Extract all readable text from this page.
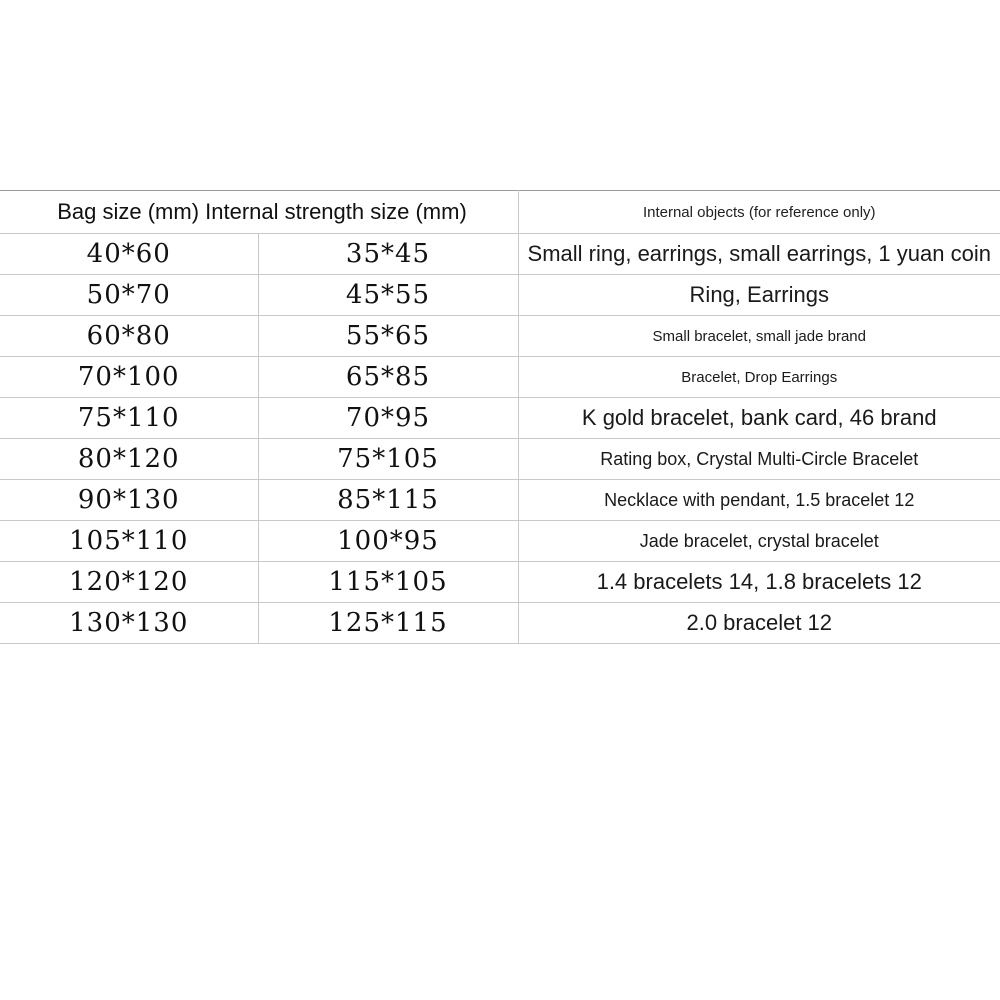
Bag size (mm) Internal strength size (mm)		Internal objects (for reference only)
40*60	35*45	Small ring, earrings, small earrings, 1 yuan coin
50*70	45*55	Ring, Earrings
60*80	55*65	Small bracelet, small jade brand
70*100	65*85	Bracelet, Drop Earrings
75*110	70*95	K gold bracelet, bank card, 46 brand
80*120	75*105	Rating box, Crystal Multi-Circle Bracelet
90*130	85*115	Necklace with pendant, 1.5 bracelet 12
105*110	100*95	Jade bracelet, crystal bracelet
120*120	115*105	1.4 bracelets 14, 1.8 bracelets 12
130*130	125*115	2.0 bracelet 12
